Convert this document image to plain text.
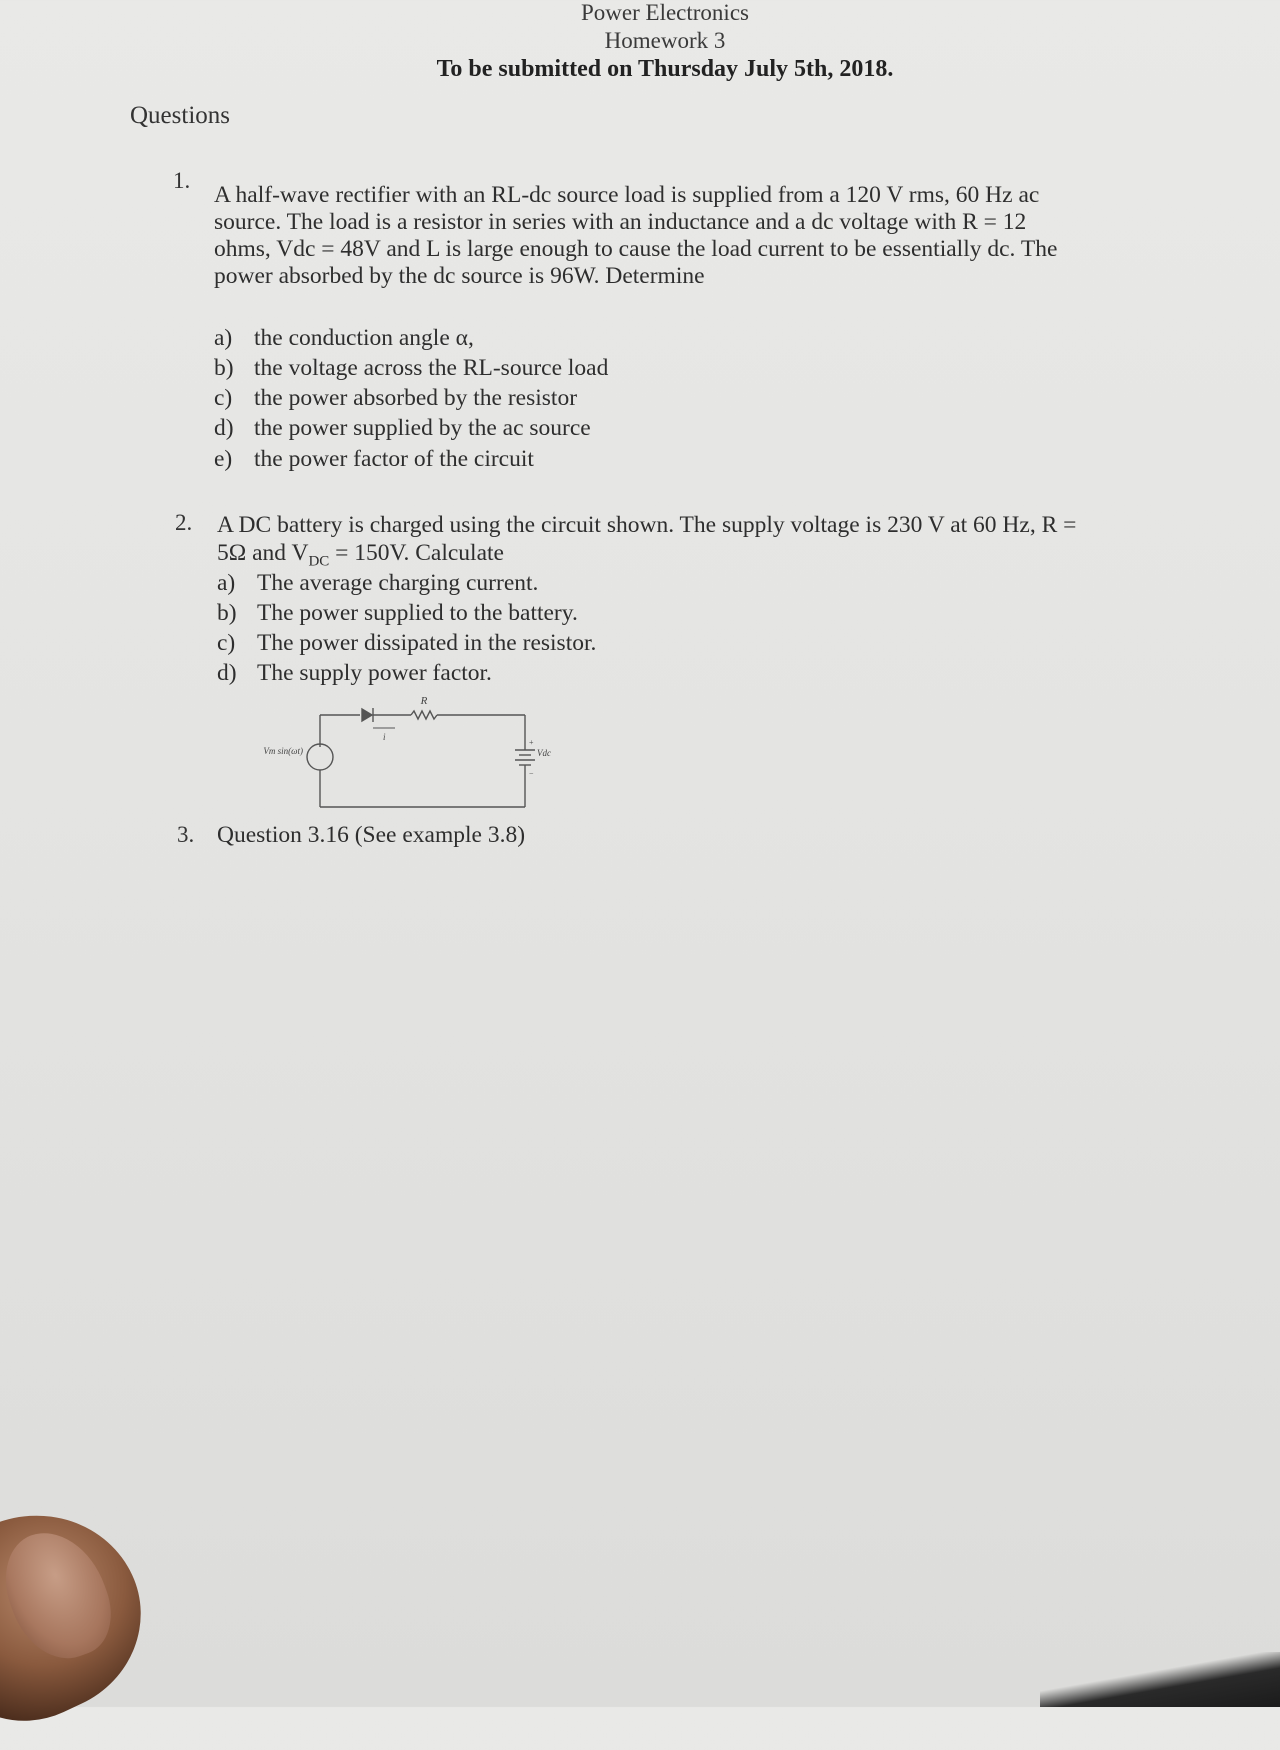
Power Electronics
Homework 3
To be submitted on Thursday July 5th, 2018.
Questions
1.
A half-wave rectifier with an RL-dc source load is supplied from a 120 V rms, 60 Hz ac
source. The load is a resistor in series with an inductance and a dc voltage with R = 12
ohms, Vdc = 48V and L is large enough to cause the load current to be essentially dc. The
power absorbed by the dc source is 96W. Determine
a) the conduction angle α,
b) the voltage across the RL-source load
c) the power absorbed by the resistor
d) the power supplied by the ac source
e) the power factor of the circuit
2. A DC battery is charged using the circuit shown. The supply voltage is 230 V at 60 Hz, R =
5Ω and $V_{DC} = 150V$. Calculate
a) The average charging current.
b) The power supplied to the battery.
c) The power dissipated in the resistor.
d) The supply power factor.
R
i
Vm sin(ωt)	Vdc
+
−
3. Question 3.16 (See example 3.8)
